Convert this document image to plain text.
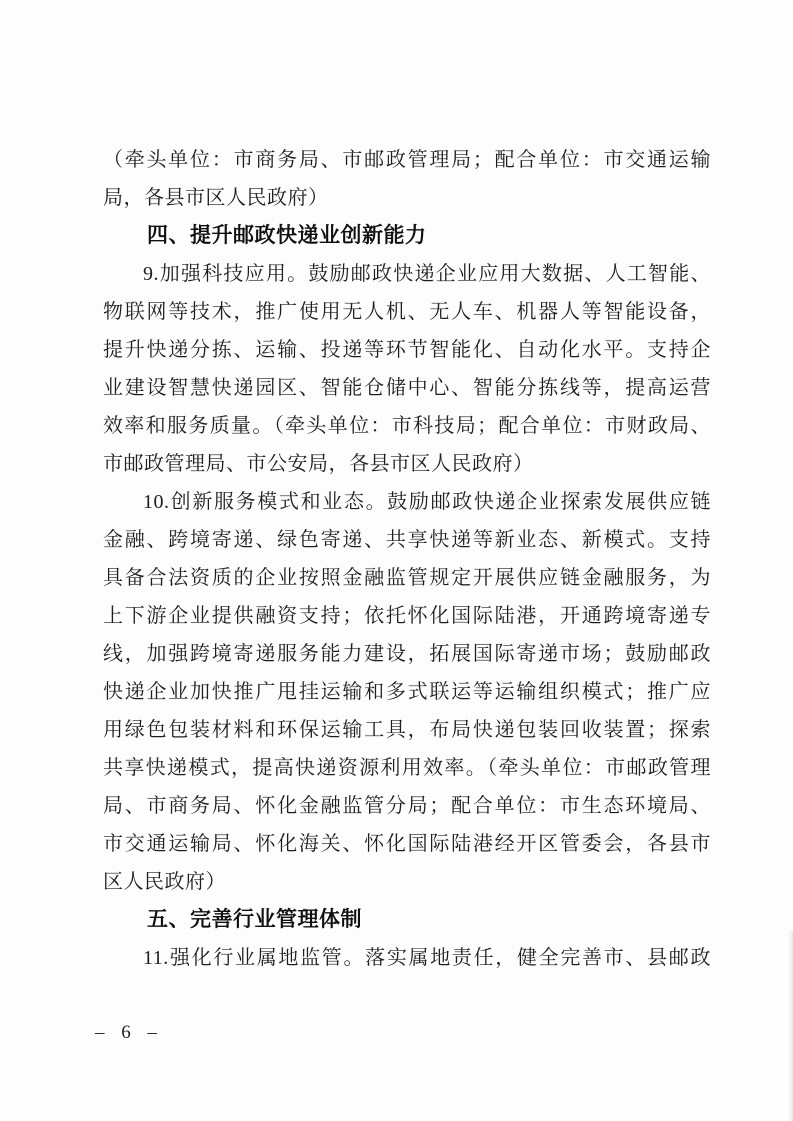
（牵头单位：市商务局、市邮政管理局；配合单位：市交通运输
局，各县市区人民政府）
四、提升邮政快递业创新能力
9.加强科技应用。鼓励邮政快递企业应用大数据、人工智能、
物联网等技术，推广使用无人机、无人车、机器人等智能设备，
提升快递分拣、运输、投递等环节智能化、自动化水平。支持企
业建设智慧快递园区、智能仓储中心、智能分拣线等，提高运营
效率和服务质量。（牵头单位：市科技局；配合单位：市财政局、
市邮政管理局、市公安局，各县市区人民政府）
10.创新服务模式和业态。鼓励邮政快递企业探索发展供应链
金融、跨境寄递、绿色寄递、共享快递等新业态、新模式。支持
具备合法资质的企业按照金融监管规定开展供应链金融服务，为
上下游企业提供融资支持；依托怀化国际陆港，开通跨境寄递专
线，加强跨境寄递服务能力建设，拓展国际寄递市场；鼓励邮政
快递企业加快推广甩挂运输和多式联运等运输组织模式；推广应
用绿色包装材料和环保运输工具，布局快递包装回收装置；探索
共享快递模式，提高快递资源利用效率。（牵头单位：市邮政管理
局、市商务局、怀化金融监管分局；配合单位：市生态环境局、
市交通运输局、怀化海关、怀化国际陆港经开区管委会，各县市
区人民政府）
五、完善行业管理体制
11.强化行业属地监管。落实属地责任，健全完善市、县邮政
– 6 –
